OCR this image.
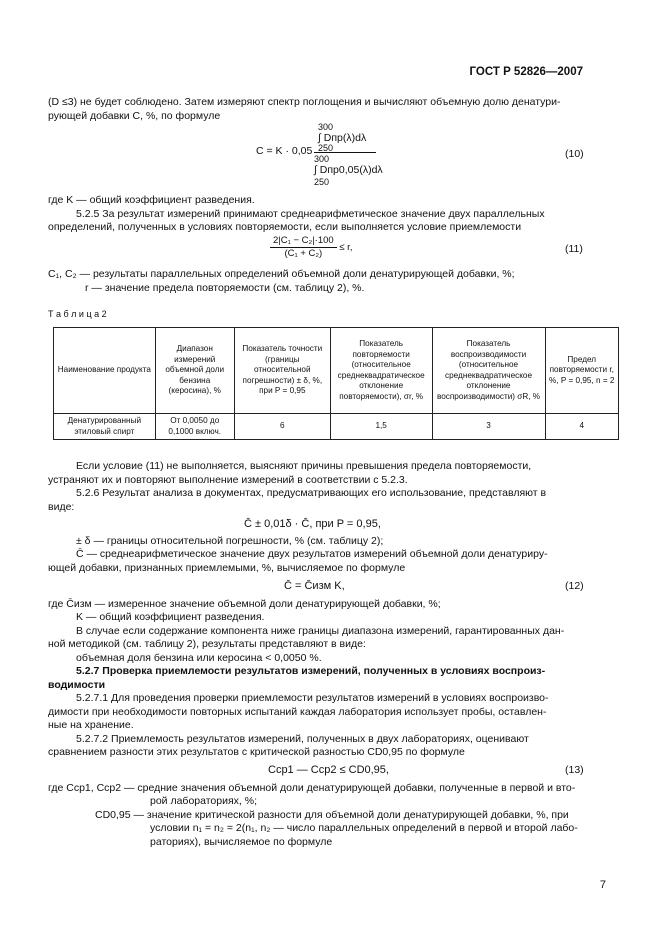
ГОСТ Р 52826—2007
(D ≤3) не будет соблюдено. Затем измеряют спектр поглощения и вычисляют объемную долю денатури-
рующей добавки C, %, по формуле
C = K · 0,05
300
∫ Dпр(λ)dλ
250
300
∫ Dпр0,05(λ)dλ
250
(10)
где K — общий коэффициент разведения.
5.2.5 За результат измерений принимают среднеарифметическое значение двух параллельных
определений, полученных в условиях повторяемости, если выполняется условие приемлемости
$\frac{\text{2|C₁ − C₂|·100}}{\text{(C₁ + C₂)}} \le r$,	(11)
C₁, C₂ — результаты параллельных определений объемной доли денатурирующей добавки, %;
r — значение предела повторяемости (см. таблицу 2), %.
Т а б л и ц а 2
Наименование продукта	Диапазон измерений объемной доли бензина (керосина), %	Показатель точности (границы относительной погрешности) ± δ, %, при P = 0,95	Показатель повторяемости (относительное среднеквадратическое отклонение повторяемости), σr, %	Показатель воспроизводимости (относительное среднеквадратическое отклонение воспроизводимости) σR, %	Предел повторяемости r, %, P = 0,95, n = 2
Денатурированный этиловый спирт	От 0,0050 до 0,1000 включ.	6	1,5	3	4
Если условие (11) не выполняется, выясняют причины превышения предела повторяемости,
устраняют их и повторяют выполнение измерений в соответствии с 5.2.3.
5.2.6 Результат анализа в документах, предусматривающих его использование, представляют в
виде:
C̄ ± 0,01δ · C̄, при P = 0,95,
± δ — границы относительной погрешности, % (см. таблицу 2);
C̄ — среднеарифметическое значение двух результатов измерений объемной доли денатуриру-
ющей добавки, признанных приемлемыми, %, вычисляемое по формуле
C̄ = C̄изм K,	(12)
где C̄изм — измеренное значение объемной доли денатурирующей добавки, %;
K — общий коэффициент разведения.
В случае если содержание компонента ниже границы диапазона измерений, гарантированных дан-
ной методикой (см. таблицу 2), результаты представляют в виде:
объемная доля бензина или керосина < 0,0050 %.
5.2.7 Проверка приемлемости результатов измерений, полученных в условиях воспроиз-
водимости
5.2.7.1 Для проведения проверки приемлемости результатов измерений в условиях воспроизво-
димости при необходимости повторных испытаний каждая лаборатория использует пробы, оставлен-
ные на хранение.
5.2.7.2 Приемлемость результатов измерений, полученных в двух лабораториях, оценивают
сравнением разности этих результатов с критической разностью CD0,95 по формуле
Cср1 — Cср2 ≤ CD0,95,	(13)
где Cср1, Cср2 — средние значения объемной доли денатурирующей добавки, полученные в первой и вто-
рой лабораториях, %;
CD0,95 — значение критической разности для объемной доли денатурирующей добавки, %, при
условии n₁ = n₂ = 2(n₁, n₂ — число параллельных определений в первой и второй лабо-
раториях), вычисляемое по формуле
7
